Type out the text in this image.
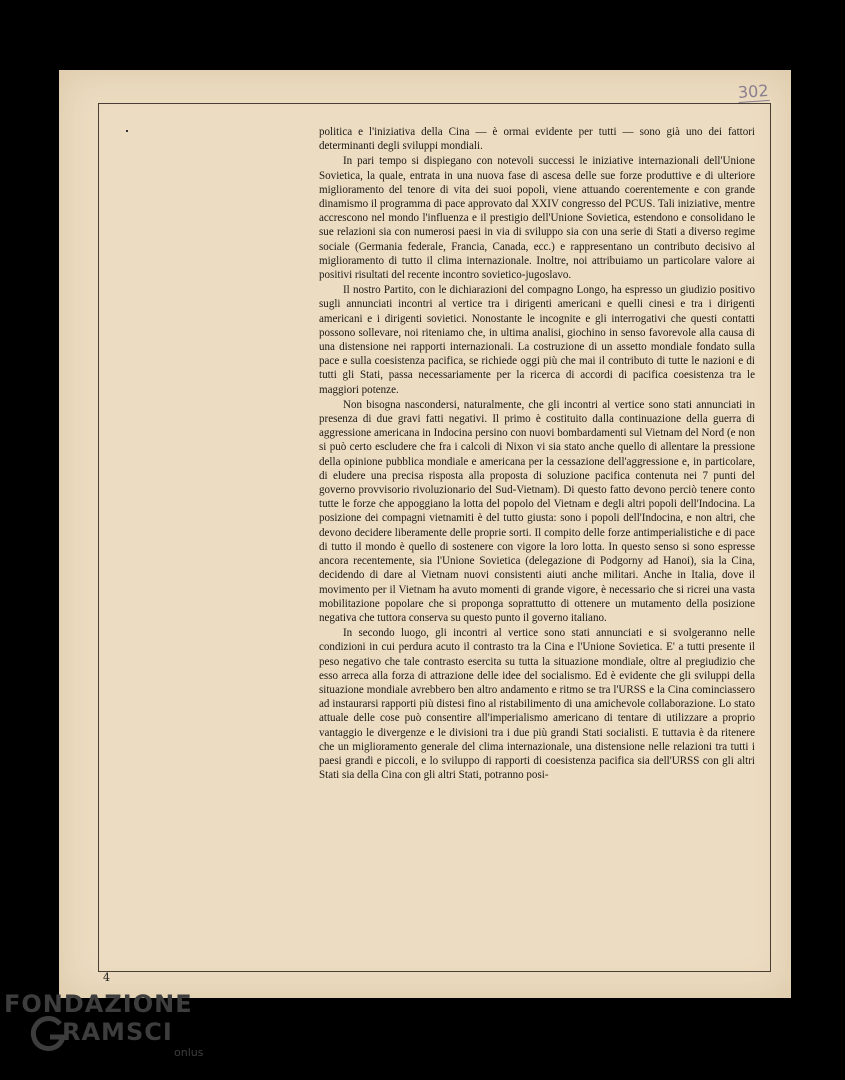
302

politica e l'iniziativa della Cina — è ormai evidente per tutti — sono già uno dei fattori determinanti degli sviluppi mondiali.

In pari tempo si dispiegano con notevoli successi le iniziative internazionali dell'Unione Sovietica, la quale, entrata in una nuova fase di ascesa delle sue forze produttive e di ulteriore miglioramento del tenore di vita dei suoi popoli, viene attuando coerentemente e con grande dinamismo il programma di pace approvato dal XXIV congresso del PCUS. Tali iniziative, mentre accrescono nel mondo l'influenza e il prestigio dell'Unione Sovietica, estendono e consolidano le sue relazioni sia con numerosi paesi in via di sviluppo sia con una serie di Stati a diverso regime sociale (Germania federale, Francia, Canada, ecc.) e rappresentano un contributo decisivo al miglioramento di tutto il clima internazionale. Inoltre, noi attribuiamo un particolare valore ai positivi risultati del recente incontro sovietico-jugoslavo.

Il nostro Partito, con le dichiarazioni del compagno Longo, ha espresso un giudizio positivo sugli annunciati incontri al vertice tra i dirigenti americani e quelli cinesi e tra i dirigenti americani e i dirigenti sovietici. Nonostante le incognite e gli interrogativi che questi contatti possono sollevare, noi riteniamo che, in ultima analisi, giochino in senso favorevole alla causa di una distensione nei rapporti internazionali. La costruzione di un assetto mondiale fondato sulla pace e sulla coesistenza pacifica, se richiede oggi più che mai il contributo di tutte le nazioni e di tutti gli Stati, passa necessariamente per la ricerca di accordi di pacifica coesistenza tra le maggiori potenze.

Non bisogna nascondersi, naturalmente, che gli incontri al vertice sono stati annunciati in presenza di due gravi fatti negativi. Il primo è costituito dalla continuazione della guerra di aggressione americana in Indocina persino con nuovi bombardamenti sul Vietnam del Nord (e non si può certo escludere che fra i calcoli di Nixon vi sia stato anche quello di allentare la pressione della opinione pubblica mondiale e americana per la cessazione dell'aggressione e, in particolare, di eludere una precisa risposta alla proposta di soluzione pacifica contenuta nei 7 punti del governo provvisorio rivoluzionario del Sud-Vietnam). Di questo fatto devono perciò tenere conto tutte le forze che appoggiano la lotta del popolo del Vietnam e degli altri popoli dell'Indocina. La posizione dei compagni vietnamiti è del tutto giusta: sono i popoli dell'Indocina, e non altri, che devono decidere liberamente delle proprie sorti. Il compito delle forze antimperialistiche e di pace di tutto il mondo è quello di sostenere con vigore la loro lotta. In questo senso si sono espresse ancora recentemente, sia l'Unione Sovietica (delegazione di Podgorny ad Hanoi), sia la Cina, decidendo di dare al Vietnam nuovi consistenti aiuti anche militari. Anche in Italia, dove il movimento per il Vietnam ha avuto momenti di grande vigore, è necessario che si ricrei una vasta mobilitazione popolare che si proponga soprattutto di ottenere un mutamento della posizione negativa che tuttora conserva su questo punto il governo italiano.

In secondo luogo, gli incontri al vertice sono stati annunciati e si svolgeranno nelle condizioni in cui perdura acuto il contrasto tra la Cina e l'Unione Sovietica. E' a tutti presente il peso negativo che tale contrasto esercita su tutta la situazione mondiale, oltre al pregiudizio che esso arreca alla forza di attrazione delle idee del socialismo. Ed è evidente che gli sviluppi della situazione mondiale avrebbero ben altro andamento e ritmo se tra l'URSS e la Cina cominciassero ad instaurarsi rapporti più distesi fino al ristabilimento di una amichevole collaborazione. Lo stato attuale delle cose può consentire all'imperialismo americano di tentare di utilizzare a proprio vantaggio le divergenze e le divisioni tra i due più grandi Stati socialisti. E tuttavia è da ritenere che un miglioramento generale del clima internazionale, una distensione nelle relazioni tra tutti i paesi grandi e piccoli, e lo sviluppo di rapporti di coesistenza pacifica sia dell'URSS con gli altri Stati sia della Cina con gli altri Stati, potranno posi-

4
FONDAZIONE
RAMSCI
onlus
